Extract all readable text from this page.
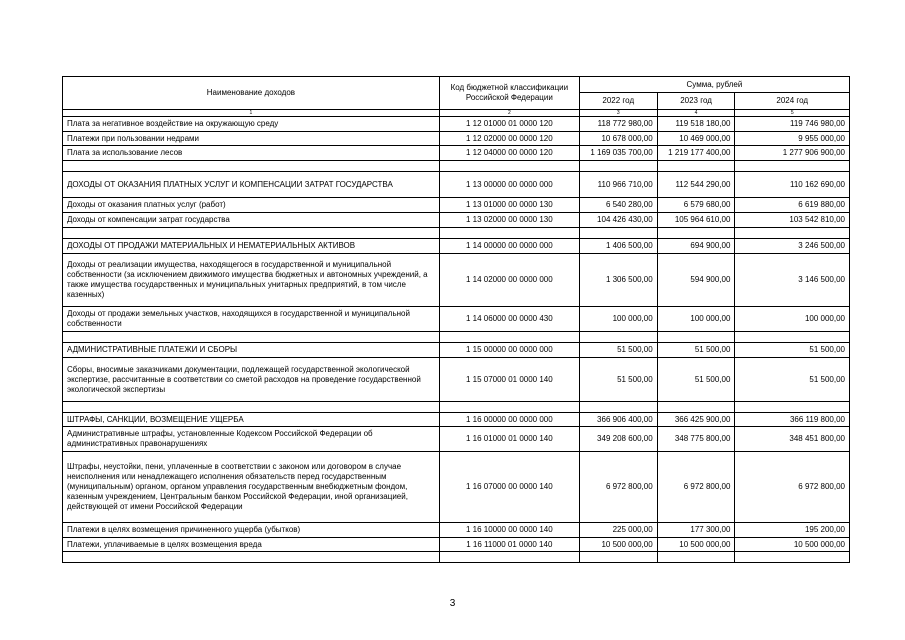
Наименование доходов	Код бюджетной классификации Российской Федерации	Сумма, рублей		
		2022 год	2023 год	2024 год
1	2	3	4	5
Плата за негативное воздействие на окружающую среду	1 12 01000 01 0000 120	118 772 980,00	119 518 180,00	119 746 980,00
Платежи при пользовании недрами	1 12 02000 00 0000 120	10 678 000,00	10 469 000,00	9 955 000,00
Плата за использование лесов	1 12 04000 00 0000 120	1 169 035 700,00	1 219 177 400,00	1 277 906 900,00

ДОХОДЫ ОТ ОКАЗАНИЯ ПЛАТНЫХ УСЛУГ И КОМПЕНСАЦИИ ЗАТРАТ ГОСУДАРСТВА	1 13 00000 00 0000 000	110 966 710,00	112 544 290,00	110 162 690,00
Доходы от оказания платных услуг (работ)	1 13 01000 00 0000 130	6 540 280,00	6 579 680,00	6 619 880,00
Доходы от компенсации затрат государства	1 13 02000 00 0000 130	104 426 430,00	105 964 610,00	103 542 810,00

ДОХОДЫ ОТ ПРОДАЖИ МАТЕРИАЛЬНЫХ И НЕМАТЕРИАЛЬНЫХ АКТИВОВ	1 14 00000 00 0000 000	1 406 500,00	694 900,00	3 246 500,00
Доходы от реализации имущества, находящегося в государственной и муниципальной собственности (за исключением движимого имущества бюджетных и автономных учреждений, а также имущества государственных и муниципальных унитарных предприятий, в том числе казенных)	1 14 02000 00 0000 000	1 306 500,00	594 900,00	3 146 500,00
Доходы от продажи земельных участков, находящихся в государственной и муниципальной собственности	1 14 06000 00 0000 430	100 000,00	100 000,00	100 000,00

АДМИНИСТРАТИВНЫЕ ПЛАТЕЖИ И СБОРЫ	1 15 00000 00 0000 000	51 500,00	51 500,00	51 500,00
Сборы, вносимые заказчиками документации, подлежащей государственной экологической экспертизе, рассчитанные в соответствии со сметой расходов на проведение государственной экологической экспертизы	1 15 07000 01 0000 140	51 500,00	51 500,00	51 500,00

ШТРАФЫ, САНКЦИИ, ВОЗМЕЩЕНИЕ УЩЕРБА	1 16 00000 00 0000 000	366 906 400,00	366 425 900,00	366 119 800,00
Административные штрафы, установленные Кодексом Российской Федерации об административных правонарушениях	1 16 01000 01 0000 140	349 208 600,00	348 775 800,00	348 451 800,00
Штрафы, неустойки, пени, уплаченные в соответствии с законом или договором в случае неисполнения или ненадлежащего исполнения обязательств перед государственным (муниципальным) органом, органом управления государственным внебюджетным фондом, казенным учреждением, Центральным банком Российской Федерации, иной организацией, действующей от имени Российской Федерации	1 16 07000 00 0000 140	6 972 800,00	6 972 800,00	6 972 800,00
Платежи в целях возмещения причиненного ущерба (убытков)	1 16 10000 00 0000 140	225 000,00	177 300,00	195 200,00
Платежи, уплачиваемые в целях возмещения вреда	1 16 11000 01 0000 140	10 500 000,00	10 500 000,00	10 500 000,00

3
